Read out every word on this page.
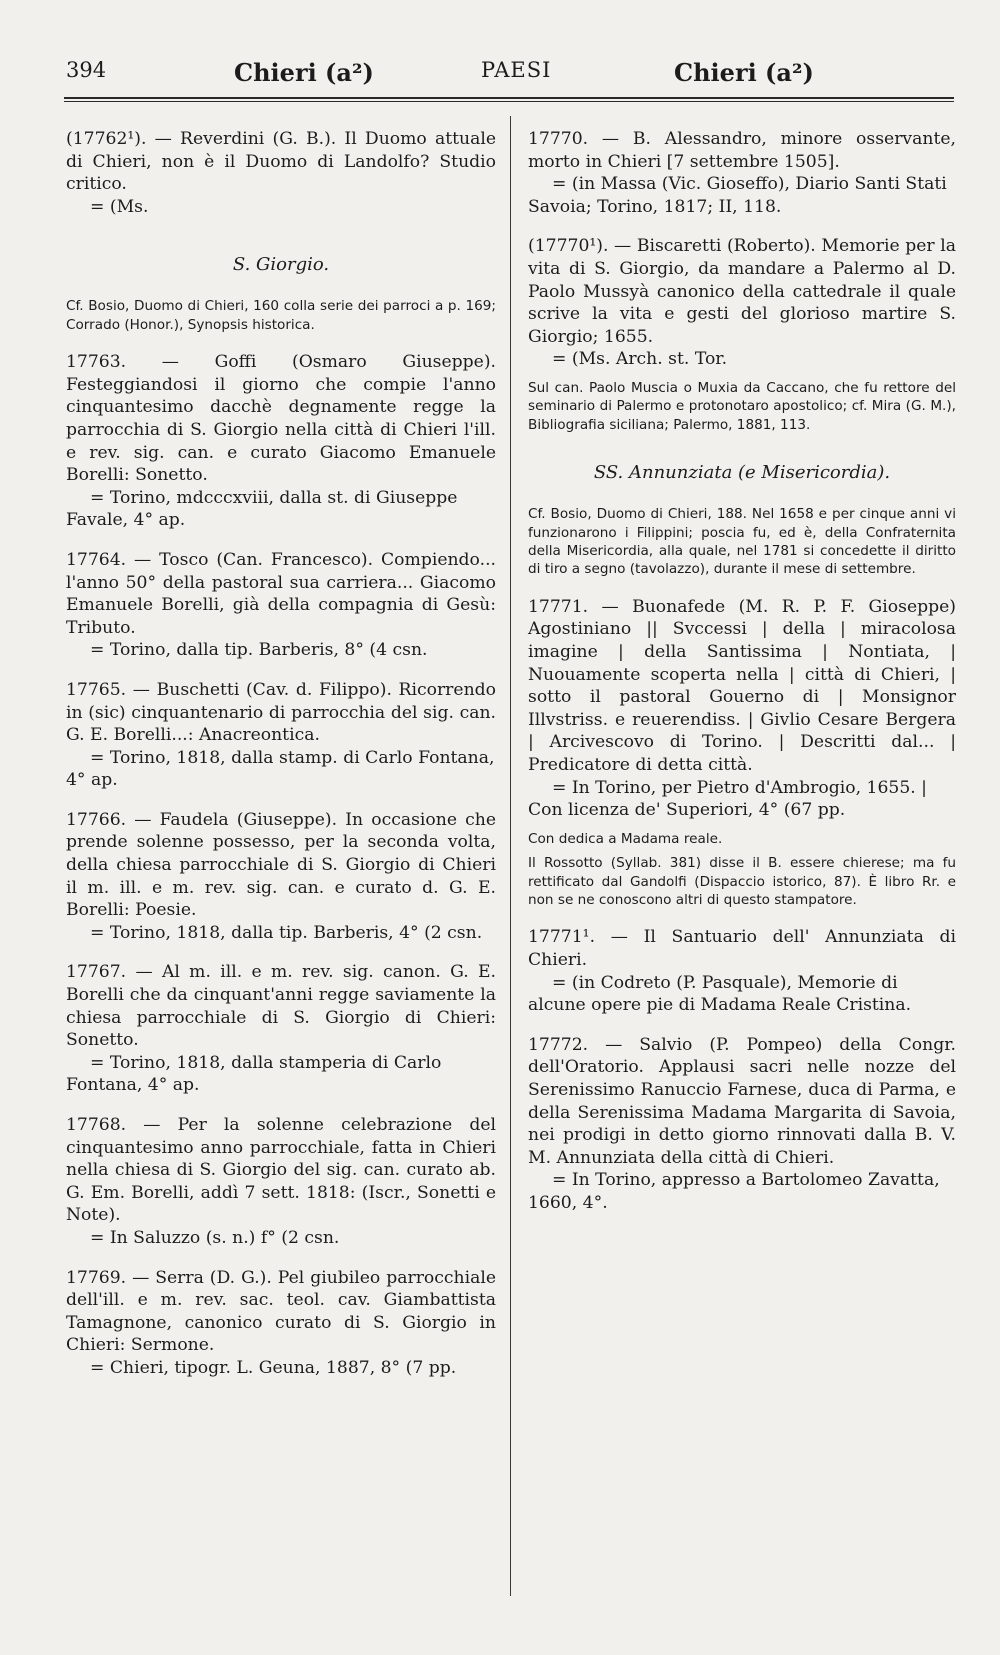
394	Chieri (a²)	PAESI	Chieri (a²)
(17762¹). — Reverdini (G. B.). Il Duomo attuale di Chieri, non è il Duomo di Landolfo? Studio critico.
= (Ms.
S. Giorgio.
Cf. Bosio, Duomo di Chieri, 160 colla serie dei parroci a p. 169; Corrado (Honor.), Synopsis historica.
17763. — Goffi (Osmaro Giuseppe). Festeggiandosi il giorno che compie l'anno cinquantesimo dacchè degnamente regge la parrocchia di S. Giorgio nella città di Chieri l'ill. e rev. sig. can. e curato Giacomo Emanuele Borelli: Sonetto.
= Torino, mdcccxviii, dalla st. di Giuseppe Favale, 4° ap.
17764. — Tosco (Can. Francesco). Compiendo... l'anno 50° della pastoral sua carriera... Giacomo Emanuele Borelli, già della compagnia di Gesù: Tributo.
= Torino, dalla tip. Barberis, 8° (4 csn.
17765. — Buschetti (Cav. d. Filippo). Ricorrendo in (sic) cinquantenario di parrocchia del sig. can. G. E. Borelli...: Anacreontica.
= Torino, 1818, dalla stamp. di Carlo Fontana, 4° ap.
17766. — Faudela (Giuseppe). In occasione che prende solenne possesso, per la seconda volta, della chiesa parrocchiale di S. Giorgio di Chieri il m. ill. e m. rev. sig. can. e curato d. G. E. Borelli: Poesie.
= Torino, 1818, dalla tip. Barberis, 4° (2 csn.
17767. — Al m. ill. e m. rev. sig. canon. G. E. Borelli che da cinquant'anni regge saviamente la chiesa parrocchiale di S. Giorgio di Chieri: Sonetto.
= Torino, 1818, dalla stamperia di Carlo Fontana, 4° ap.
17768. — Per la solenne celebrazione del cinquantesimo anno parrocchiale, fatta in Chieri nella chiesa di S. Giorgio del sig. can. curato ab. G. Em. Borelli, addì 7 sett. 1818: (Iscr., Sonetti e Note).
= In Saluzzo (s. n.) f° (2 csn.
17769. — Serra (D. G.). Pel giubileo parrocchiale dell'ill. e m. rev. sac. teol. cav. Giambattista Tamagnone, canonico curato di S. Giorgio in Chieri: Sermone.
= Chieri, tipogr. L. Geuna, 1887, 8° (7 pp.
17770. — B. Alessandro, minore osservante, morto in Chieri [7 settembre 1505].
= (in Massa (Vic. Gioseffo), Diario Santi Stati Savoia; Torino, 1817; II, 118.
(17770¹). — Biscaretti (Roberto). Memorie per la vita di S. Giorgio, da mandare a Palermo al D. Paolo Mussyà canonico della cattedrale il quale scrive la vita e gesti del glorioso martire S. Giorgio; 1655.
= (Ms. Arch. st. Tor.
Sul can. Paolo Muscia o Muxia da Caccano, che fu rettore del seminario di Palermo e protonotaro apostolico; cf. Mira (G. M.), Bibliografia siciliana; Palermo, 1881, 113.
SS. Annunziata (e Misericordia).
Cf. Bosio, Duomo di Chieri, 188. Nel 1658 e per cinque anni vi funzionarono i Filippini; poscia fu, ed è, della Confraternita della Misericordia, alla quale, nel 1781 si concedette il diritto di tiro a segno (tavolazzo), durante il mese di settembre.
17771. — Buonafede (M. R. P. F. Gioseppe) Agostiniano || Svccessi | della | miracolosa imagine | della Santissima | Nontiata, | Nuouamente scoperta nella | città di Chieri, | sotto il pastoral Gouerno di | Monsignor Illvstriss. e reuerendiss. | Givlio Cesare Bergera | Arcivescovo di Torino. | Descritti dal... | Predicatore di detta città.
= In Torino, per Pietro d'Ambrogio, 1655. | Con licenza de' Superiori, 4° (67 pp.
Con dedica a Madama reale.
Il Rossotto (Syllab. 381) disse il B. essere chierese; ma fu rettificato dal Gandolfi (Dispaccio istorico, 87). È libro Rr. e non se ne conoscono altri di questo stampatore.
17771¹. — Il Santuario dell' Annunziata di Chieri.
= (in Codreto (P. Pasquale), Memorie di alcune opere pie di Madama Reale Cristina.
17772. — Salvio (P. Pompeo) della Congr. dell'Oratorio. Applausi sacri nelle nozze del Serenissimo Ranuccio Farnese, duca di Parma, e della Serenissima Madama Margarita di Savoia, nei prodigi in detto giorno rinnovati dalla B. V. M. Annunziata della città di Chieri.
= In Torino, appresso a Bartolomeo Zavatta, 1660, 4°.
